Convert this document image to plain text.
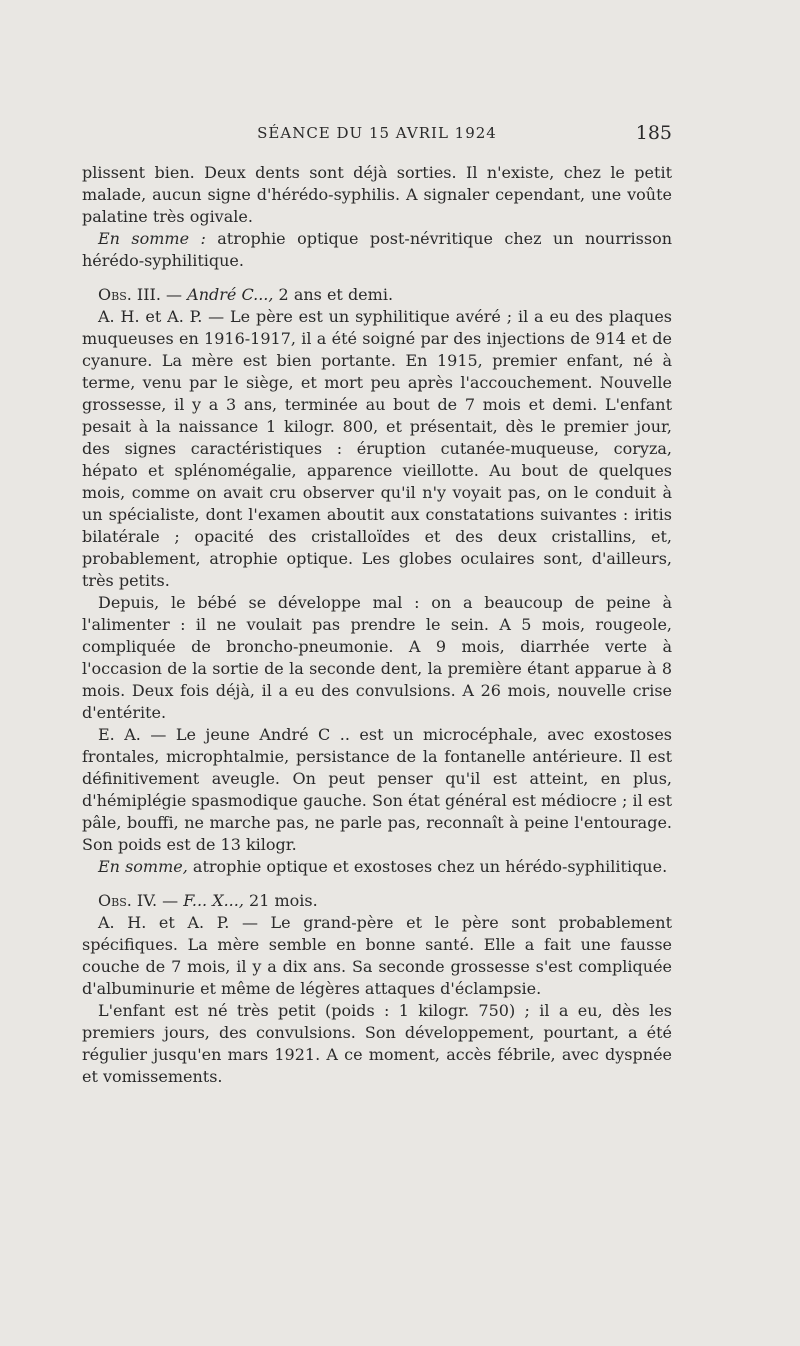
SÉANCE DU 15 AVRIL 1924	185

plissent bien. Deux dents sont déjà sorties. Il n'existe, chez le petit malade, aucun signe d'hérédo-syphilis. A signaler cependant, une voûte palatine très ogivale.

En somme : atrophie optique post-névritique chez un nourrisson hérédo-syphilitique.

Obs. III. — André C..., 2 ans et demi.

A. H. et A. P. — Le père est un syphilitique avéré ; il a eu des plaques muqueuses en 1916-1917, il a été soigné par des injections de 914 et de cyanure. La mère est bien portante. En 1915, premier enfant, né à terme, venu par le siège, et mort peu après l'accouchement. Nouvelle grossesse, il y a 3 ans, terminée au bout de 7 mois et demi. L'enfant pesait à la naissance 1 kilogr. 800, et présentait, dès le premier jour, des signes caractéristiques : éruption cutanée-muqueuse, coryza, hépato et splénomégalie, apparence vieillotte. Au bout de quelques mois, comme on avait cru observer qu'il n'y voyait pas, on le conduit à un spécialiste, dont l'examen aboutit aux constatations suivantes : iritis bilatérale ; opacité des cristalloïdes et des deux cristallins, et, probablement, atrophie optique. Les globes oculaires sont, d'ailleurs, très petits.

Depuis, le bébé se développe mal : on a beaucoup de peine à l'alimenter : il ne voulait pas prendre le sein. A 5 mois, rougeole, compliquée de broncho-pneumonie. A 9 mois, diarrhée verte à l'occasion de la sortie de la seconde dent, la première étant apparue à 8 mois. Deux fois déjà, il a eu des convulsions. A 26 mois, nouvelle crise d'entérite.

E. A. — Le jeune André C .. est un microcéphale, avec exostoses frontales, microphtalmie, persistance de la fontanelle antérieure. Il est définitivement aveugle. On peut penser qu'il est atteint, en plus, d'hémiplégie spasmodique gauche. Son état général est médiocre ; il est pâle, bouffi, ne marche pas, ne parle pas, reconnaît à peine l'entourage. Son poids est de 13 kilogr.

En somme, atrophie optique et exostoses chez un hérédo-syphilitique.

Obs. IV. — F... X..., 21 mois.

A. H. et A. P. — Le grand-père et le père sont probablement spécifiques. La mère semble en bonne santé. Elle a fait une fausse couche de 7 mois, il y a dix ans. Sa seconde grossesse s'est compliquée d'albuminurie et même de légères attaques d'éclampsie.

L'enfant est né très petit (poids : 1 kilogr. 750) ; il a eu, dès les premiers jours, des convulsions. Son développement, pourtant, a été régulier jusqu'en mars 1921. A ce moment, accès fébrile, avec dyspnée et vomissements.
